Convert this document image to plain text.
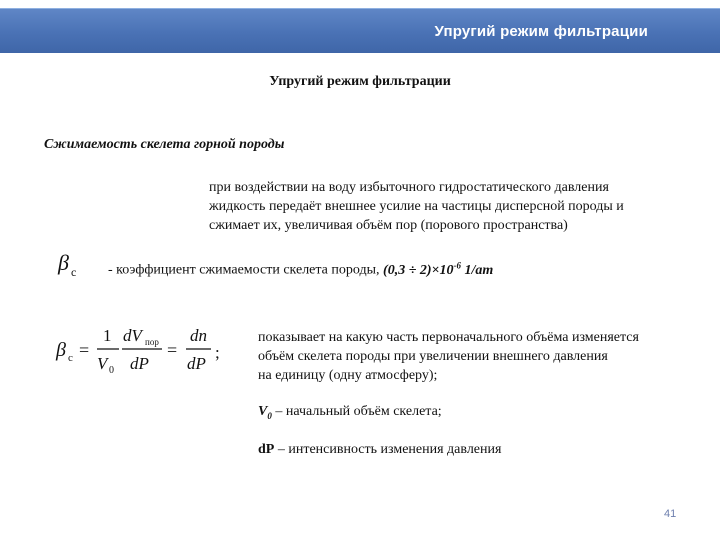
Упругий режим фильтрации
Упругий режим фильтрации
Сжимаемость скелета горной породы
при воздействии на воду избыточного гидростатического давления
жидкость передаёт внешнее усилие на частицы дисперсной породы и
сжимает их, увеличивая объём пор (порового пространства)
β $_c$	- коэффициент сжимаемости скелета породы, $(0,3 \div 2)\times 10^{-6}$ 1/ат
β c =
1
V 0
dV пор
dP
=
dn
dP
;
показывает на какую часть первоначального объёма изменяется
объём скелета породы при увеличении внешнего давления
на единицу (одну атмосферу);
$V_0$ – начальный объём скелета;
dP – интенсивность изменения давления
41
